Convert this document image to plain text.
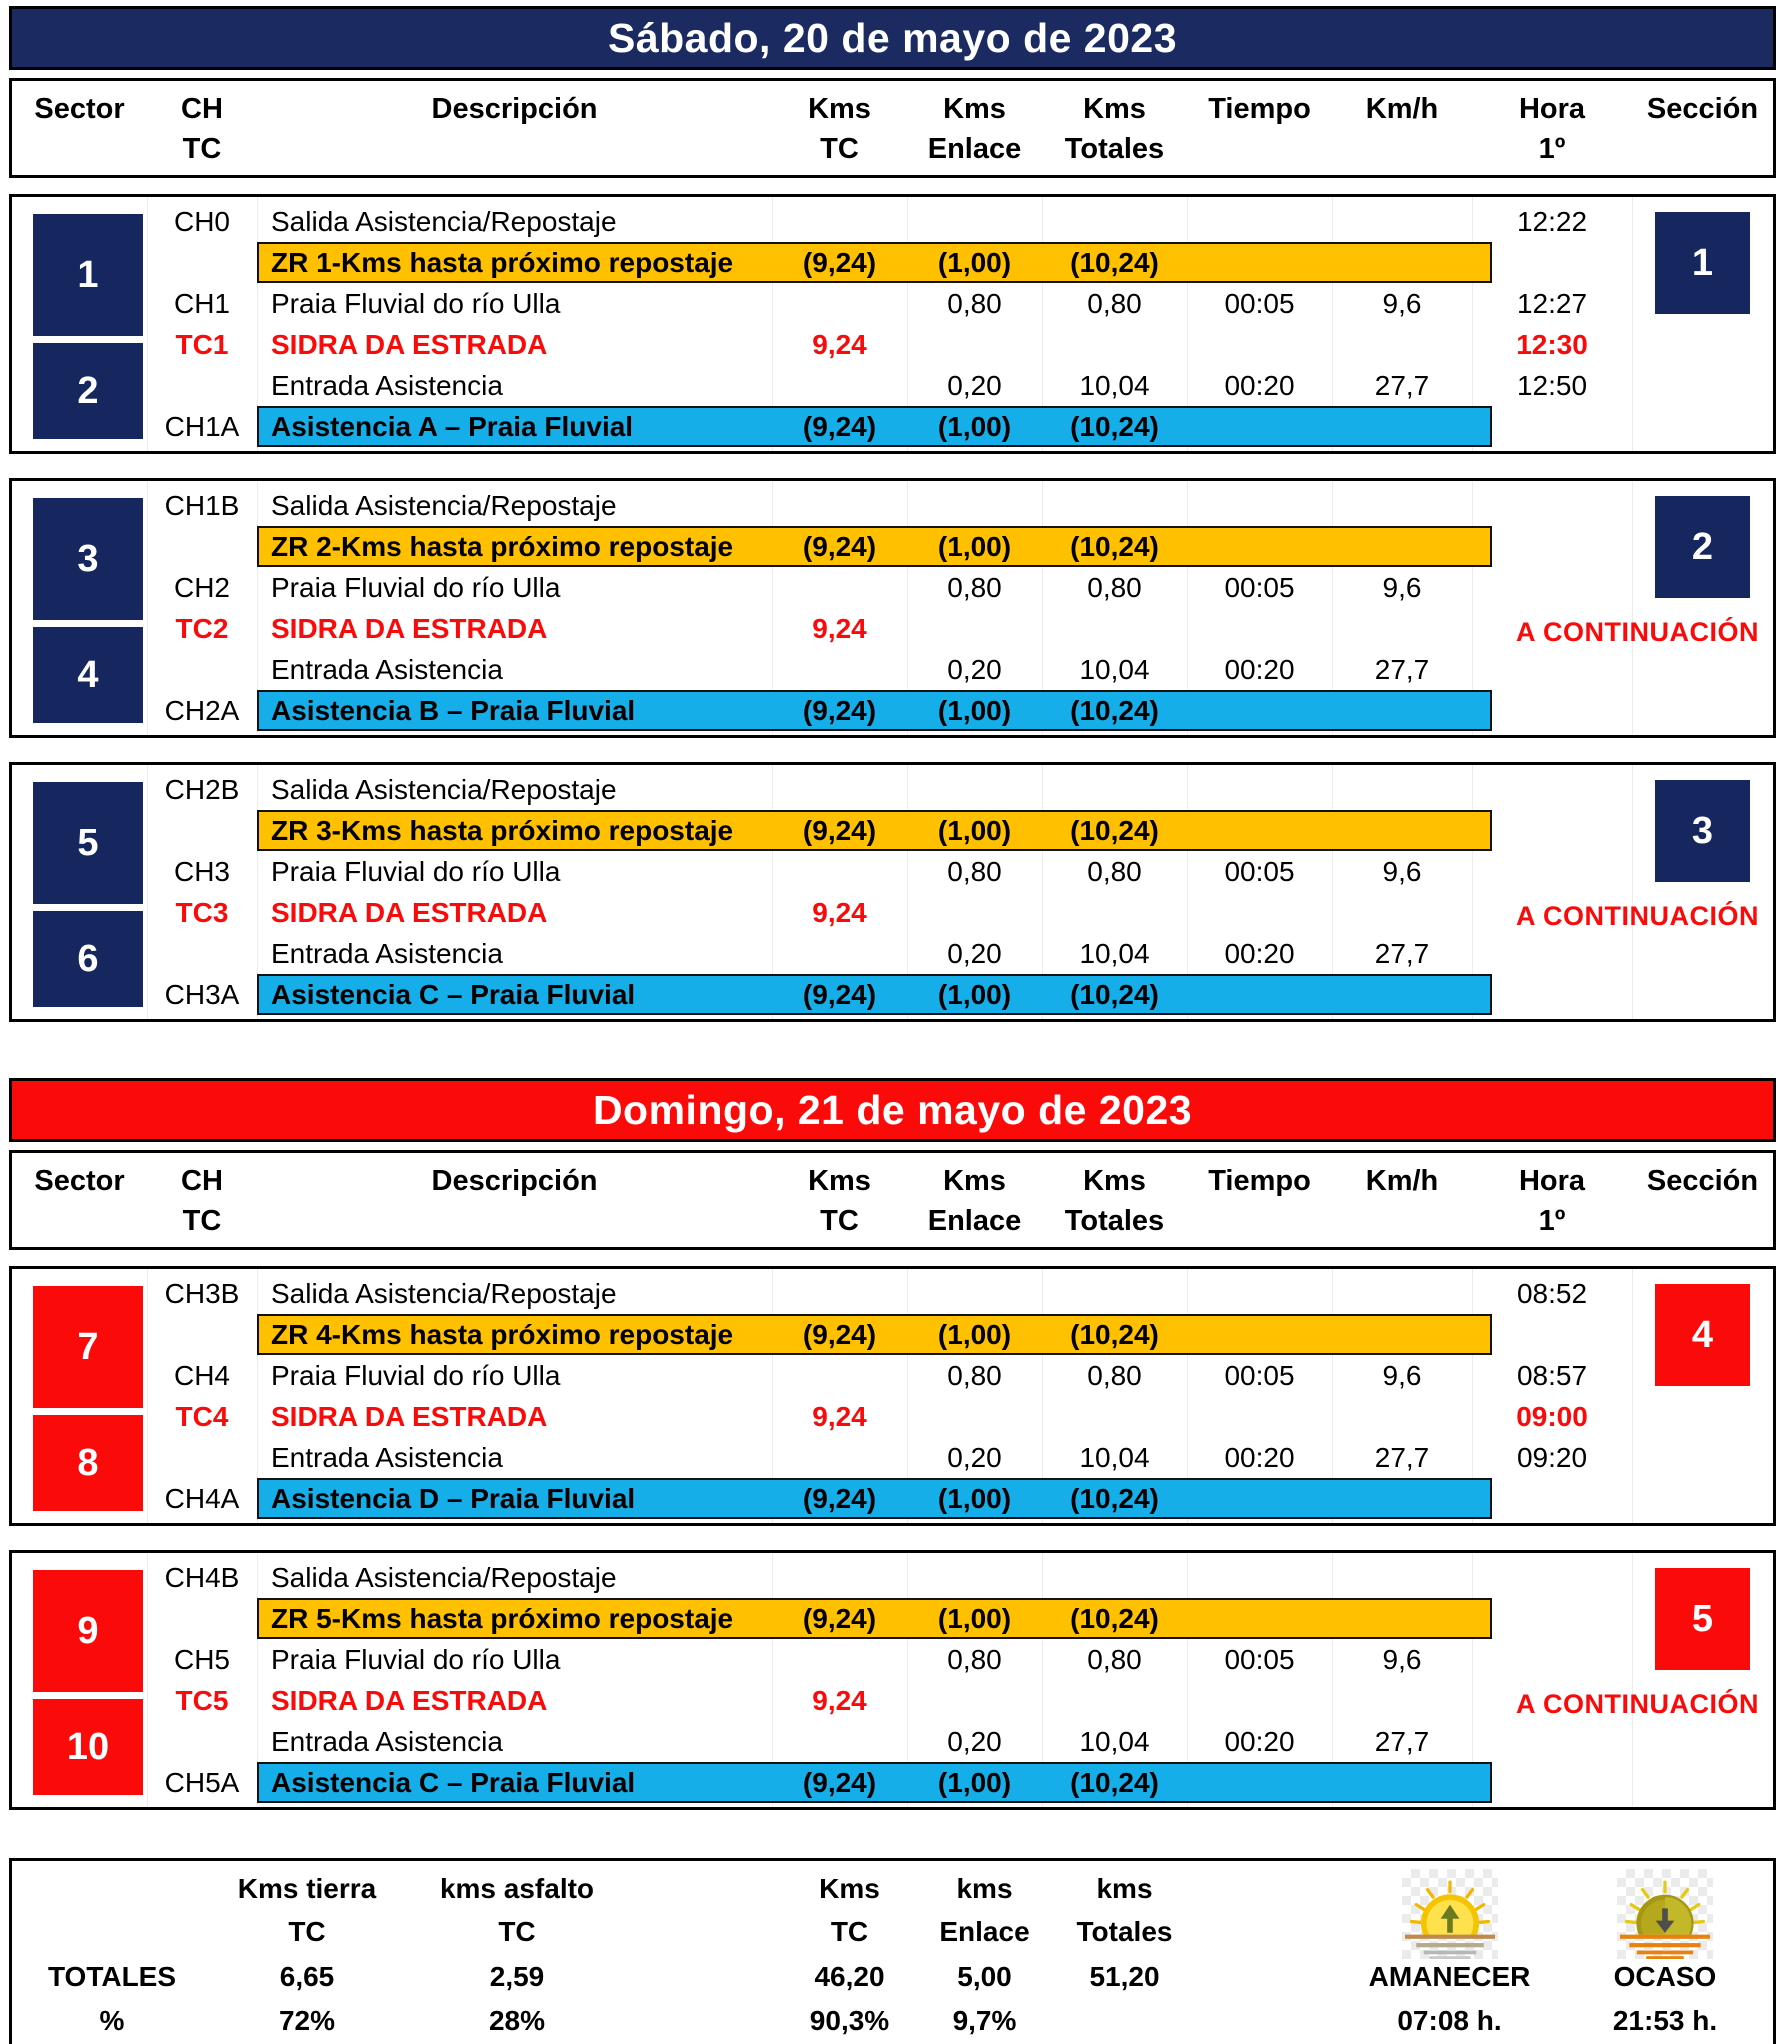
Sábado, 20 de mayo de 2023
Sector	CH	Descripción	Kms	Kms	Kms	Tiempo	Km/h	Hora	Sección
TC	TC	Enlace	Totales	1º
1
2
1
CH0	Salida Asistencia/Repostaje	12:22
ZR 1-Kms hasta próximo repostaje	(9,24)	(1,00)	(10,24)
CH1	Praia Fluvial do río Ulla	0,80	0,80	00:05	9,6	12:27
TC1	SIDRA DA ESTRADA	9,24	12:30
Entrada Asistencia	0,20	10,04	00:20	27,7	12:50
CH1A	Asistencia A – Praia Fluvial	(9,24)	(1,00)	(10,24)
3
4
2
A CONTINUACIÓN
CH1B	Salida Asistencia/Repostaje
ZR 2-Kms hasta próximo repostaje	(9,24)	(1,00)	(10,24)
CH2	Praia Fluvial do río Ulla	0,80	0,80	00:05	9,6
TC2	SIDRA DA ESTRADA	9,24
Entrada Asistencia	0,20	10,04	00:20	27,7
CH2A	Asistencia B – Praia Fluvial	(9,24)	(1,00)	(10,24)
5
6
3
A CONTINUACIÓN
CH2B	Salida Asistencia/Repostaje
ZR 3-Kms hasta próximo repostaje	(9,24)	(1,00)	(10,24)
CH3	Praia Fluvial do río Ulla	0,80	0,80	00:05	9,6
TC3	SIDRA DA ESTRADA	9,24
Entrada Asistencia	0,20	10,04	00:20	27,7
CH3A	Asistencia C – Praia Fluvial	(9,24)	(1,00)	(10,24)
Domingo, 21 de mayo de 2023
Sector	CH	Descripción	Kms	Kms	Kms	Tiempo	Km/h	Hora	Sección
TC	TC	Enlace	Totales	1º
7
8
4
CH3B	Salida Asistencia/Repostaje	08:52
ZR 4-Kms hasta próximo repostaje	(9,24)	(1,00)	(10,24)
CH4	Praia Fluvial do río Ulla	0,80	0,80	00:05	9,6	08:57
TC4	SIDRA DA ESTRADA	9,24	09:00
Entrada Asistencia	0,20	10,04	00:20	27,7	09:20
CH4A	Asistencia D – Praia Fluvial	(9,24)	(1,00)	(10,24)
9
10
5
A CONTINUACIÓN
CH4B	Salida Asistencia/Repostaje
ZR 5-Kms hasta próximo repostaje	(9,24)	(1,00)	(10,24)
CH5	Praia Fluvial do río Ulla	0,80	0,80	00:05	9,6
TC5	SIDRA DA ESTRADA	9,24
Entrada Asistencia	0,20	10,04	00:20	27,7
CH5A	Asistencia C – Praia Fluvial	(9,24)	(1,00)	(10,24)
Kms tierra	kms asfalto	Kms	kms	kms
TC	TC	TC	Enlace	Totales
TOTALES	6,65	2,59	46,20	5,00	51,20
%	72%	28%	90,3%	9,7%
AMANECER
07:08 h.
OCASO
21:53 h.
